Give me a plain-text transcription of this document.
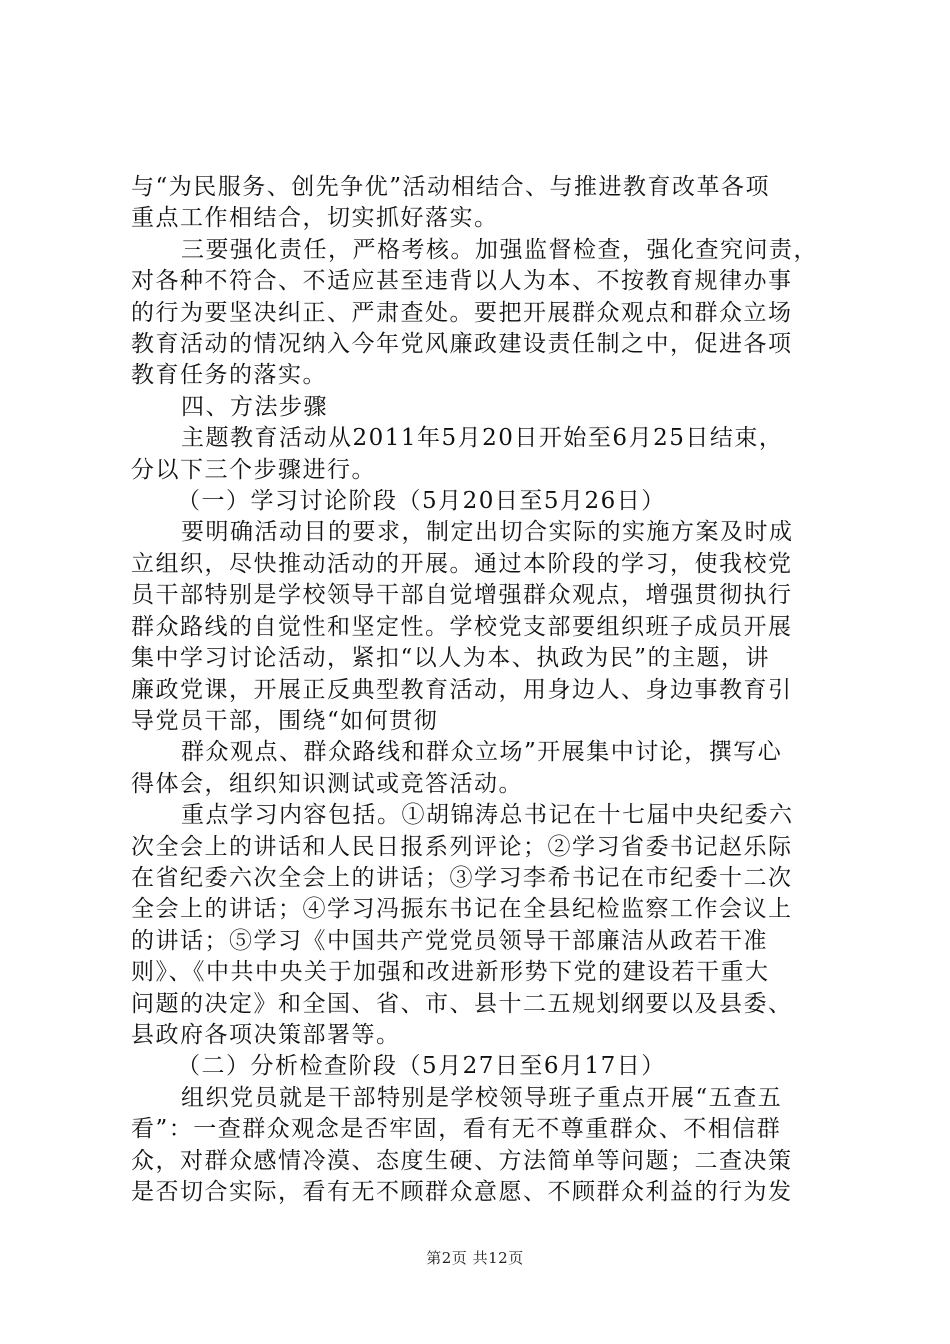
与“为民服务、创先争优”活动相结合、与推进教育改革各项
重点工作相结合，切实抓好落实。
三要强化责任，严格考核。加强监督检查，强化查究问责，
对各种不符合、不适应甚至违背以人为本、不按教育规律办事
的行为要坚决纠正、严肃查处。要把开展群众观点和群众立场
教育活动的情况纳入今年党风廉政建设责任制之中，促进各项
教育任务的落实。
四、方法步骤
主题教育活动从2011年5月20日开始至6月25日结束，
分以下三个步骤进行。
（一）学习讨论阶段（5月20日至5月26日）
要明确活动目的要求，制定出切合实际的实施方案及时成
立组织，尽快推动活动的开展。通过本阶段的学习，使我校党
员干部特别是学校领导干部自觉增强群众观点，增强贯彻执行
群众路线的自觉性和坚定性。学校党支部要组织班子成员开展
集中学习讨论活动，紧扣“以人为本、执政为民”的主题，讲
廉政党课，开展正反典型教育活动，用身边人、身边事教育引
导党员干部，围绕“如何贯彻
群众观点、群众路线和群众立场”开展集中讨论，撰写心
得体会，组织知识测试或竞答活动。
重点学习内容包括。①胡锦涛总书记在十七届中央纪委六
次全会上的讲话和人民日报系列评论；②学习省委书记赵乐际
在省纪委六次全会上的讲话；③学习李希书记在市纪委十二次
全会上的讲话；④学习冯振东书记在全县纪检监察工作会议上
的讲话；⑤学习《中国共产党党员领导干部廉洁从政若干准
则》、《中共中央关于加强和改进新形势下党的建设若干重大
问题的决定》和全国、省、市、县十二五规划纲要以及县委、
县政府各项决策部署等。
（二）分析检查阶段（5月27日至6月17日）
组织党员就是干部特别是学校领导班子重点开展“五查五
看”：一查群众观念是否牢固，看有无不尊重群众、不相信群
众，对群众感情冷漠、态度生硬、方法简单等问题；二查决策
是否切合实际，看有无不顾群众意愿、不顾群众利益的行为发
第2页 共12页
